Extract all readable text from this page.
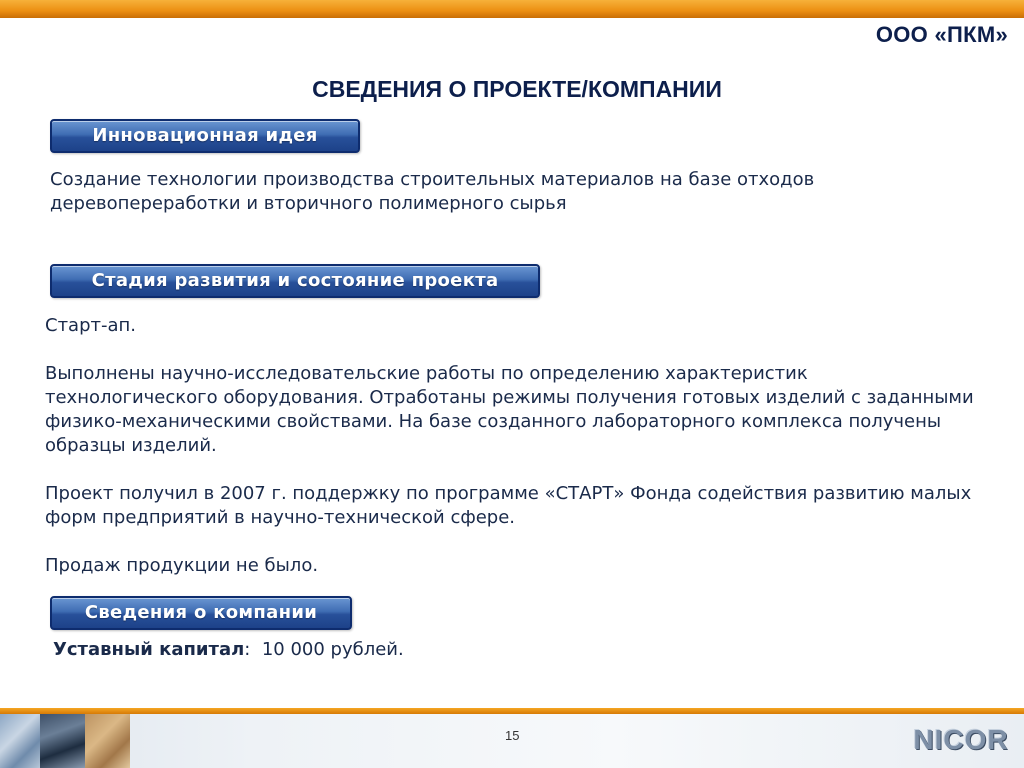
ООО «ПКМ»
СВЕДЕНИЯ О ПРОЕКТЕ/КОМПАНИИ
Инновационная идея
Создание технологии производства строительных материалов на базе отходов деревопереработки и вторичного полимерного сырья
Стадия развития и состояние проекта

Старт-ап.

Выполнены научно-исследовательские работы по определению характеристик технологического оборудования. Отработаны режимы получения готовых изделий с заданными физико-механическими свойствами. На базе созданного лабораторного комплекса получены образцы изделий.

Проект получил в 2007 г. поддержку по программе «СТАРТ» Фонда содействия развитию малых форм предприятий в научно-технической сфере.

Продаж продукции не было.

Сведения о компании
Уставный капитал: 10 000 рублей.
15	NICOR
